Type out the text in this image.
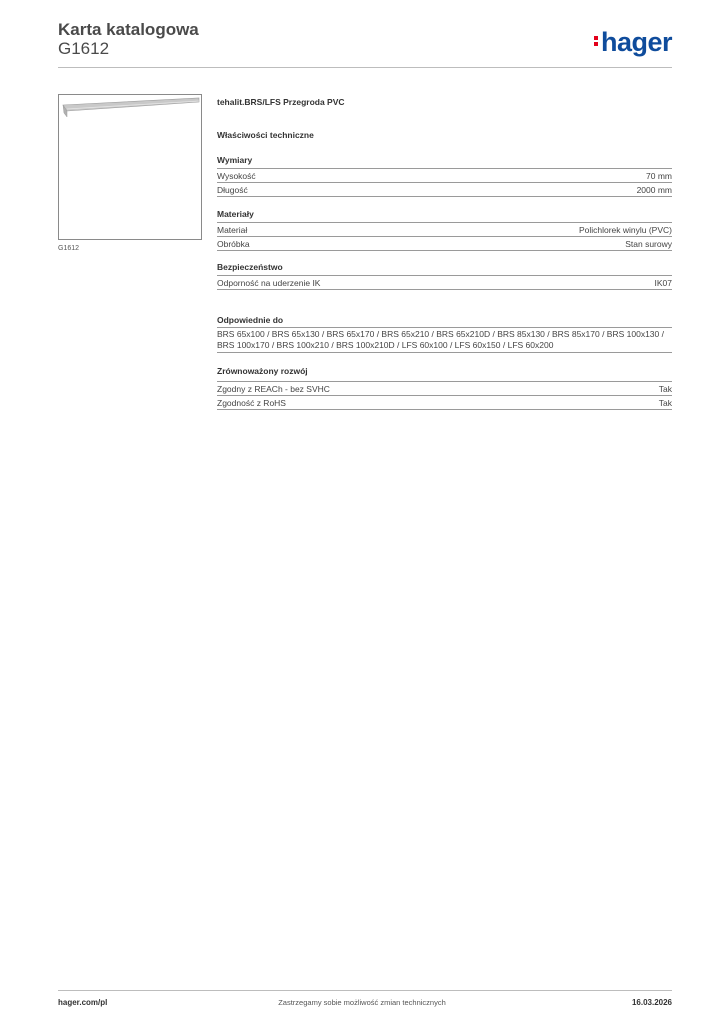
Karta katalogowa
G1612	hager
G1612
tehalit.BRS/LFS Przegroda PVC
Właściwości techniczne
Wymiary
Wysokość	70 mm
Długość	2000 mm
Materiały
Materiał	Polichlorek winylu (PVC)
Obróbka	Stan surowy
Bezpieczeństwo
Odporność na uderzenie IK	IK07
Odpowiednie do
BRS 65x100 / BRS 65x130 / BRS 65x170 / BRS 65x210 / BRS 65x210D / BRS 85x130 / BRS 85x170 / BRS 100x130 / BRS 100x170 / BRS 100x210 / BRS 100x210D / LFS 60x100 / LFS 60x150 / LFS 60x200
Zrównoważony rozwój
Zgodny z REACh - bez SVHC	Tak
Zgodność z RoHS	Tak
hager.com/pl	Zastrzegamy sobie możliwość zmian technicznych	16.03.2026
